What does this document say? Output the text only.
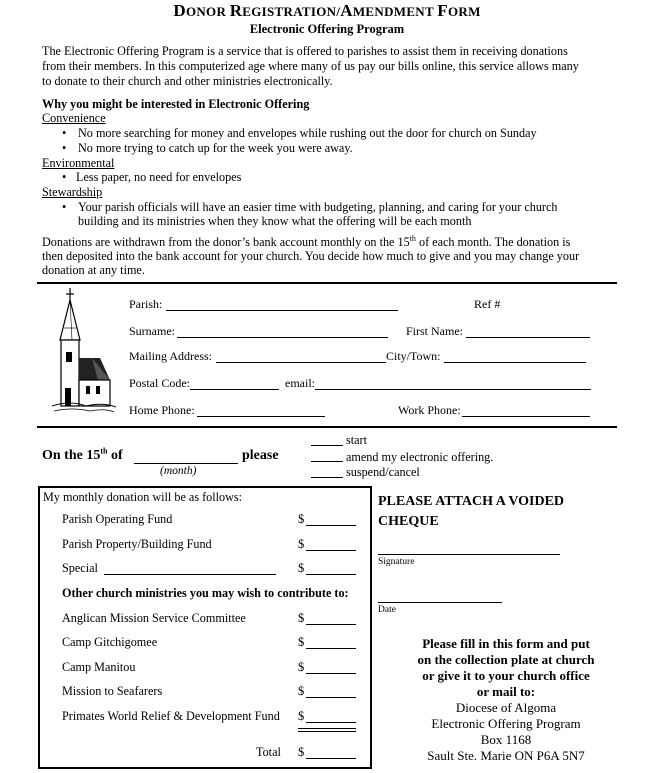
DONOR REGISTRATION/AMENDMENT FORM
Electronic Offering Program
The Electronic Offering Program is a service that is offered to parishes to assist them in receiving donations
from their members. In this computerized age where many of us pay our bills online, this service allows many
to donate to their church and other ministries electronically.
Why you might be interested in Electronic Offering
Convenience
• No more searching for money and envelopes while rushing out the door for church on Sunday
• No more trying to catch up for the week you were away.
Environmental
• Less paper, no need for envelopes
Stewardship
• Your parish officials will have an easier time with budgeting, planning, and caring for your church
building and its ministries when they know what the offering will be each month
Donations are withdrawn from the donor’s bank account monthly on the 15th of each month. The donation is
then deposited into the bank account for your church. You decide how much to give and you may change your
donation at any time.
Parish:	Ref #
Surname:	First Name:
Mailing Address:	City/Town:
Postal Code:	email:
Home Phone:	Work Phone:
On the 15th of
(month)
please
start
amend my electronic offering.
suspend/cancel
My monthly donation will be as follows:
Parish Operating Fund	$
Parish Property/Building Fund	$
Special	$
Other church ministries you may wish to contribute to:
Anglican Mission Service Committee	$
Camp Gitchigomee	$
Camp Manitou	$
Mission to Seafarers	$
Primates World Relief & Development Fund $
Total $
PLEASE ATTACH A VOIDED
CHEQUE
Signature
Date
Please fill in this form and put
on the collection plate at church
or give it to your church office
or mail to:
Diocese of Algoma
Electronic Offering Program
Box 1168
Sault Ste. Marie ON P6A 5N7
